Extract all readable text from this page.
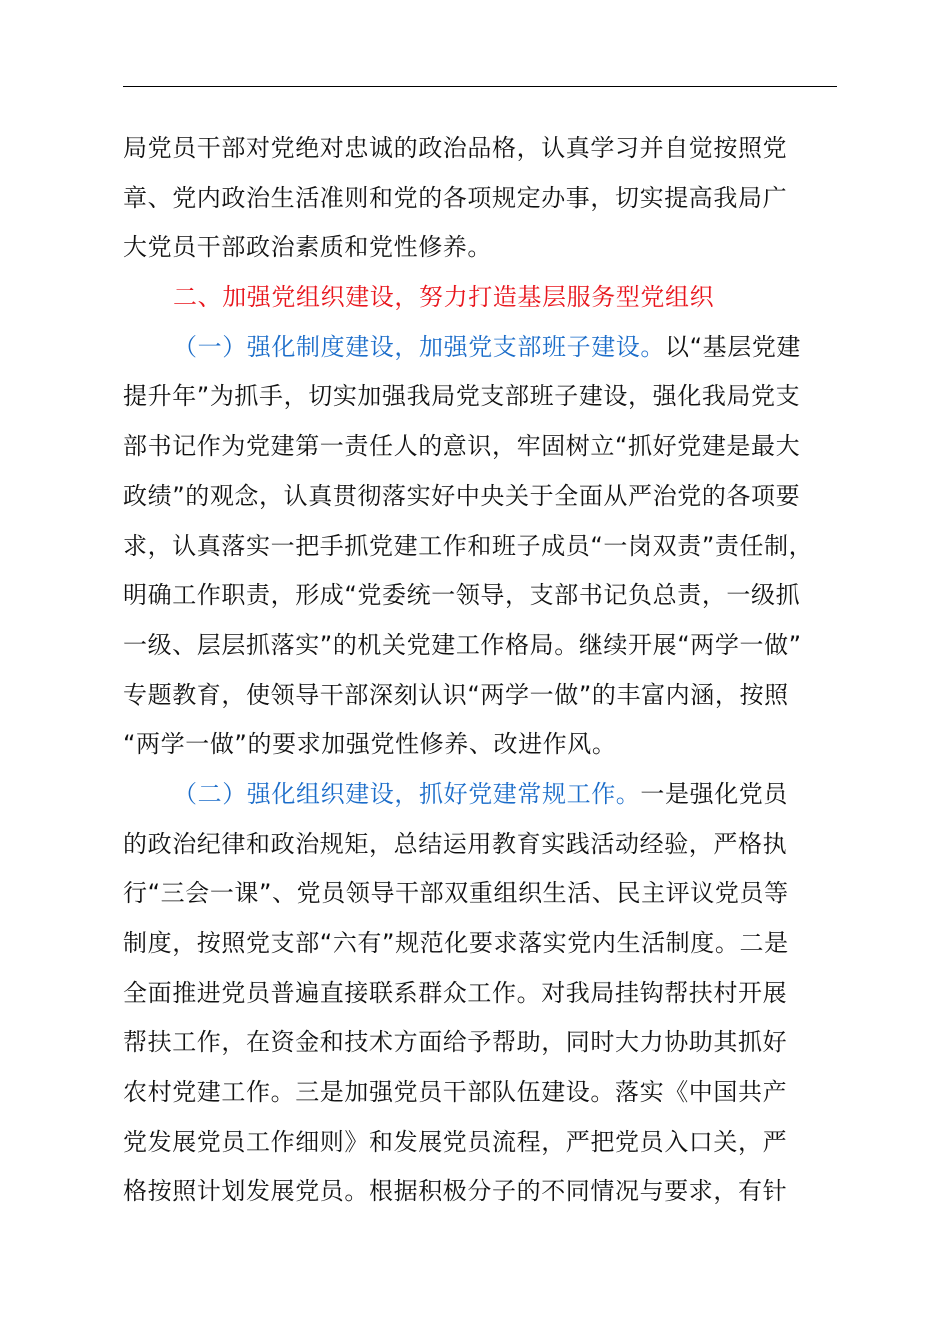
局党员干部对党绝对忠诚的政治品格，认真学习并自觉按照党
章、党内政治生活准则和党的各项规定办事，切实提高我局广
大党员干部政治素质和党性修养。
二、加强党组织建设，努力打造基层服务型党组织
（一）强化制度建设，加强党支部班子建设。以“基层党建
提升年”为抓手，切实加强我局党支部班子建设，强化我局党支
部书记作为党建第一责任人的意识，牢固树立“抓好党建是最大
政绩”的观念，认真贯彻落实好中央关于全面从严治党的各项要
求，认真落实一把手抓党建工作和班子成员“一岗双责”责任制，
明确工作职责，形成“党委统一领导，支部书记负总责，一级抓
一级、层层抓落实”的机关党建工作格局。继续开展“两学一做”
专题教育，使领导干部深刻认识“两学一做”的丰富内涵，按照
“两学一做”的要求加强党性修养、改进作风。
（二）强化组织建设，抓好党建常规工作。一是强化党员
的政治纪律和政治规矩，总结运用教育实践活动经验，严格执
行“三会一课”、党员领导干部双重组织生活、民主评议党员等
制度，按照党支部“六有”规范化要求落实党内生活制度。二是
全面推进党员普遍直接联系群众工作。对我局挂钩帮扶村开展
帮扶工作，在资金和技术方面给予帮助，同时大力协助其抓好
农村党建工作。三是加强党员干部队伍建设。落实《中国共产
党发展党员工作细则》和发展党员流程，严把党员入口关，严
格按照计划发展党员。根据积极分子的不同情况与要求，有针
